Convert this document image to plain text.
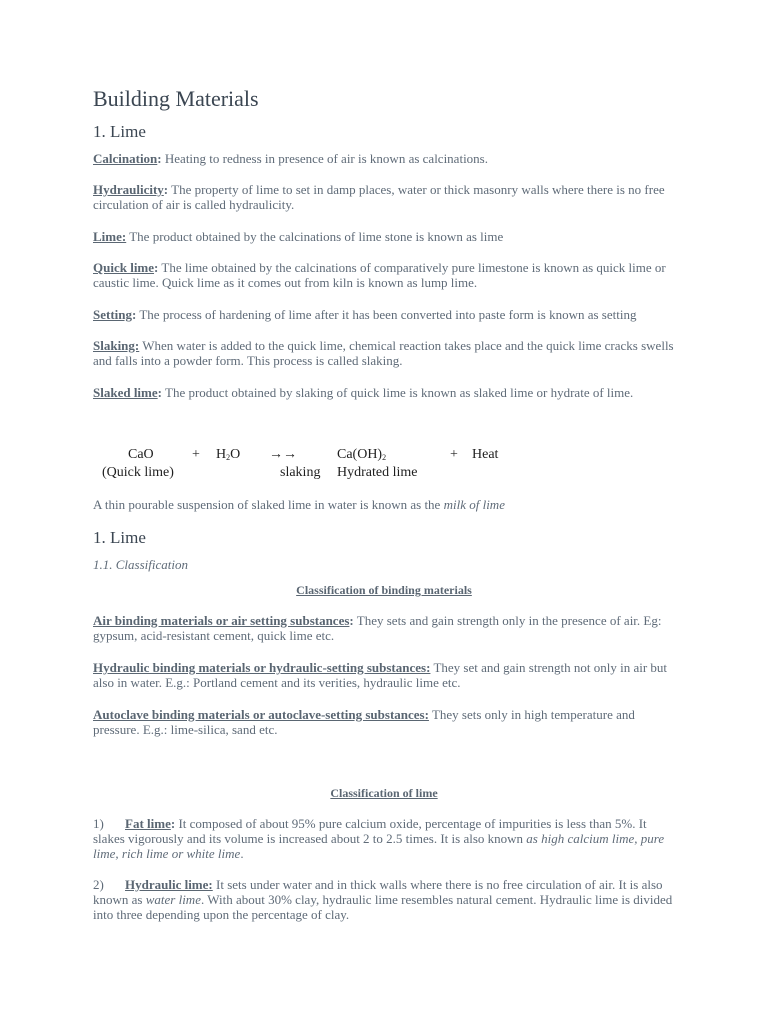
Building Materials
1. Lime
Calcination: Heating to redness in presence of air is known as calcinations.
Hydraulicity: The property of lime to set in damp places, water or thick masonry walls where there is no free circulation of air is called hydraulicity.
Lime: The product obtained by the calcinations of lime stone is known as lime
Quick lime: The lime obtained by the calcinations of comparatively pure limestone is known as quick lime or caustic lime. Quick lime as it comes out from kiln is known as lump lime.
Setting: The process of hardening of lime after it has been converted into paste form is known as setting
Slaking: When water is added to the quick lime, chemical reaction takes place and the quick lime cracks swells and falls into a powder form. This process is called slaking.
Slaked lime: The product obtained by slaking of quick lime is known as slaked lime or hydrate of lime.
CaO	+ $H_2O$ →→	$Ca(OH)_2$	+ Heat
(Quick lime)	slaking Hydrated lime
A thin pourable suspension of slaked lime in water is known as the milk of lime
1. Lime
1.1. Classification
Classification of binding materials
Air binding materials or air setting substances: They sets and gain strength only in the presence of air. Eg: gypsum, acid-resistant cement, quick lime etc.
Hydraulic binding materials or hydraulic-setting substances: They set and gain strength not only in air but also in water. E.g.: Portland cement and its verities, hydraulic lime etc.
Autoclave binding materials or autoclave-setting substances: They sets only in high temperature and pressure. E.g.: lime-silica, sand etc.
Classification of lime
1) Fat lime: It composed of about 95% pure calcium oxide, percentage of impurities is less than 5%. It slakes vigorously and its volume is increased about 2 to 2.5 times. It is also known as high calcium lime, pure lime, rich lime or white lime.
2) Hydraulic lime: It sets under water and in thick walls where there is no free circulation of air. It is also known as water lime. With about 30% clay, hydraulic lime resembles natural cement. Hydraulic lime is divided into three depending upon the percentage of clay.
